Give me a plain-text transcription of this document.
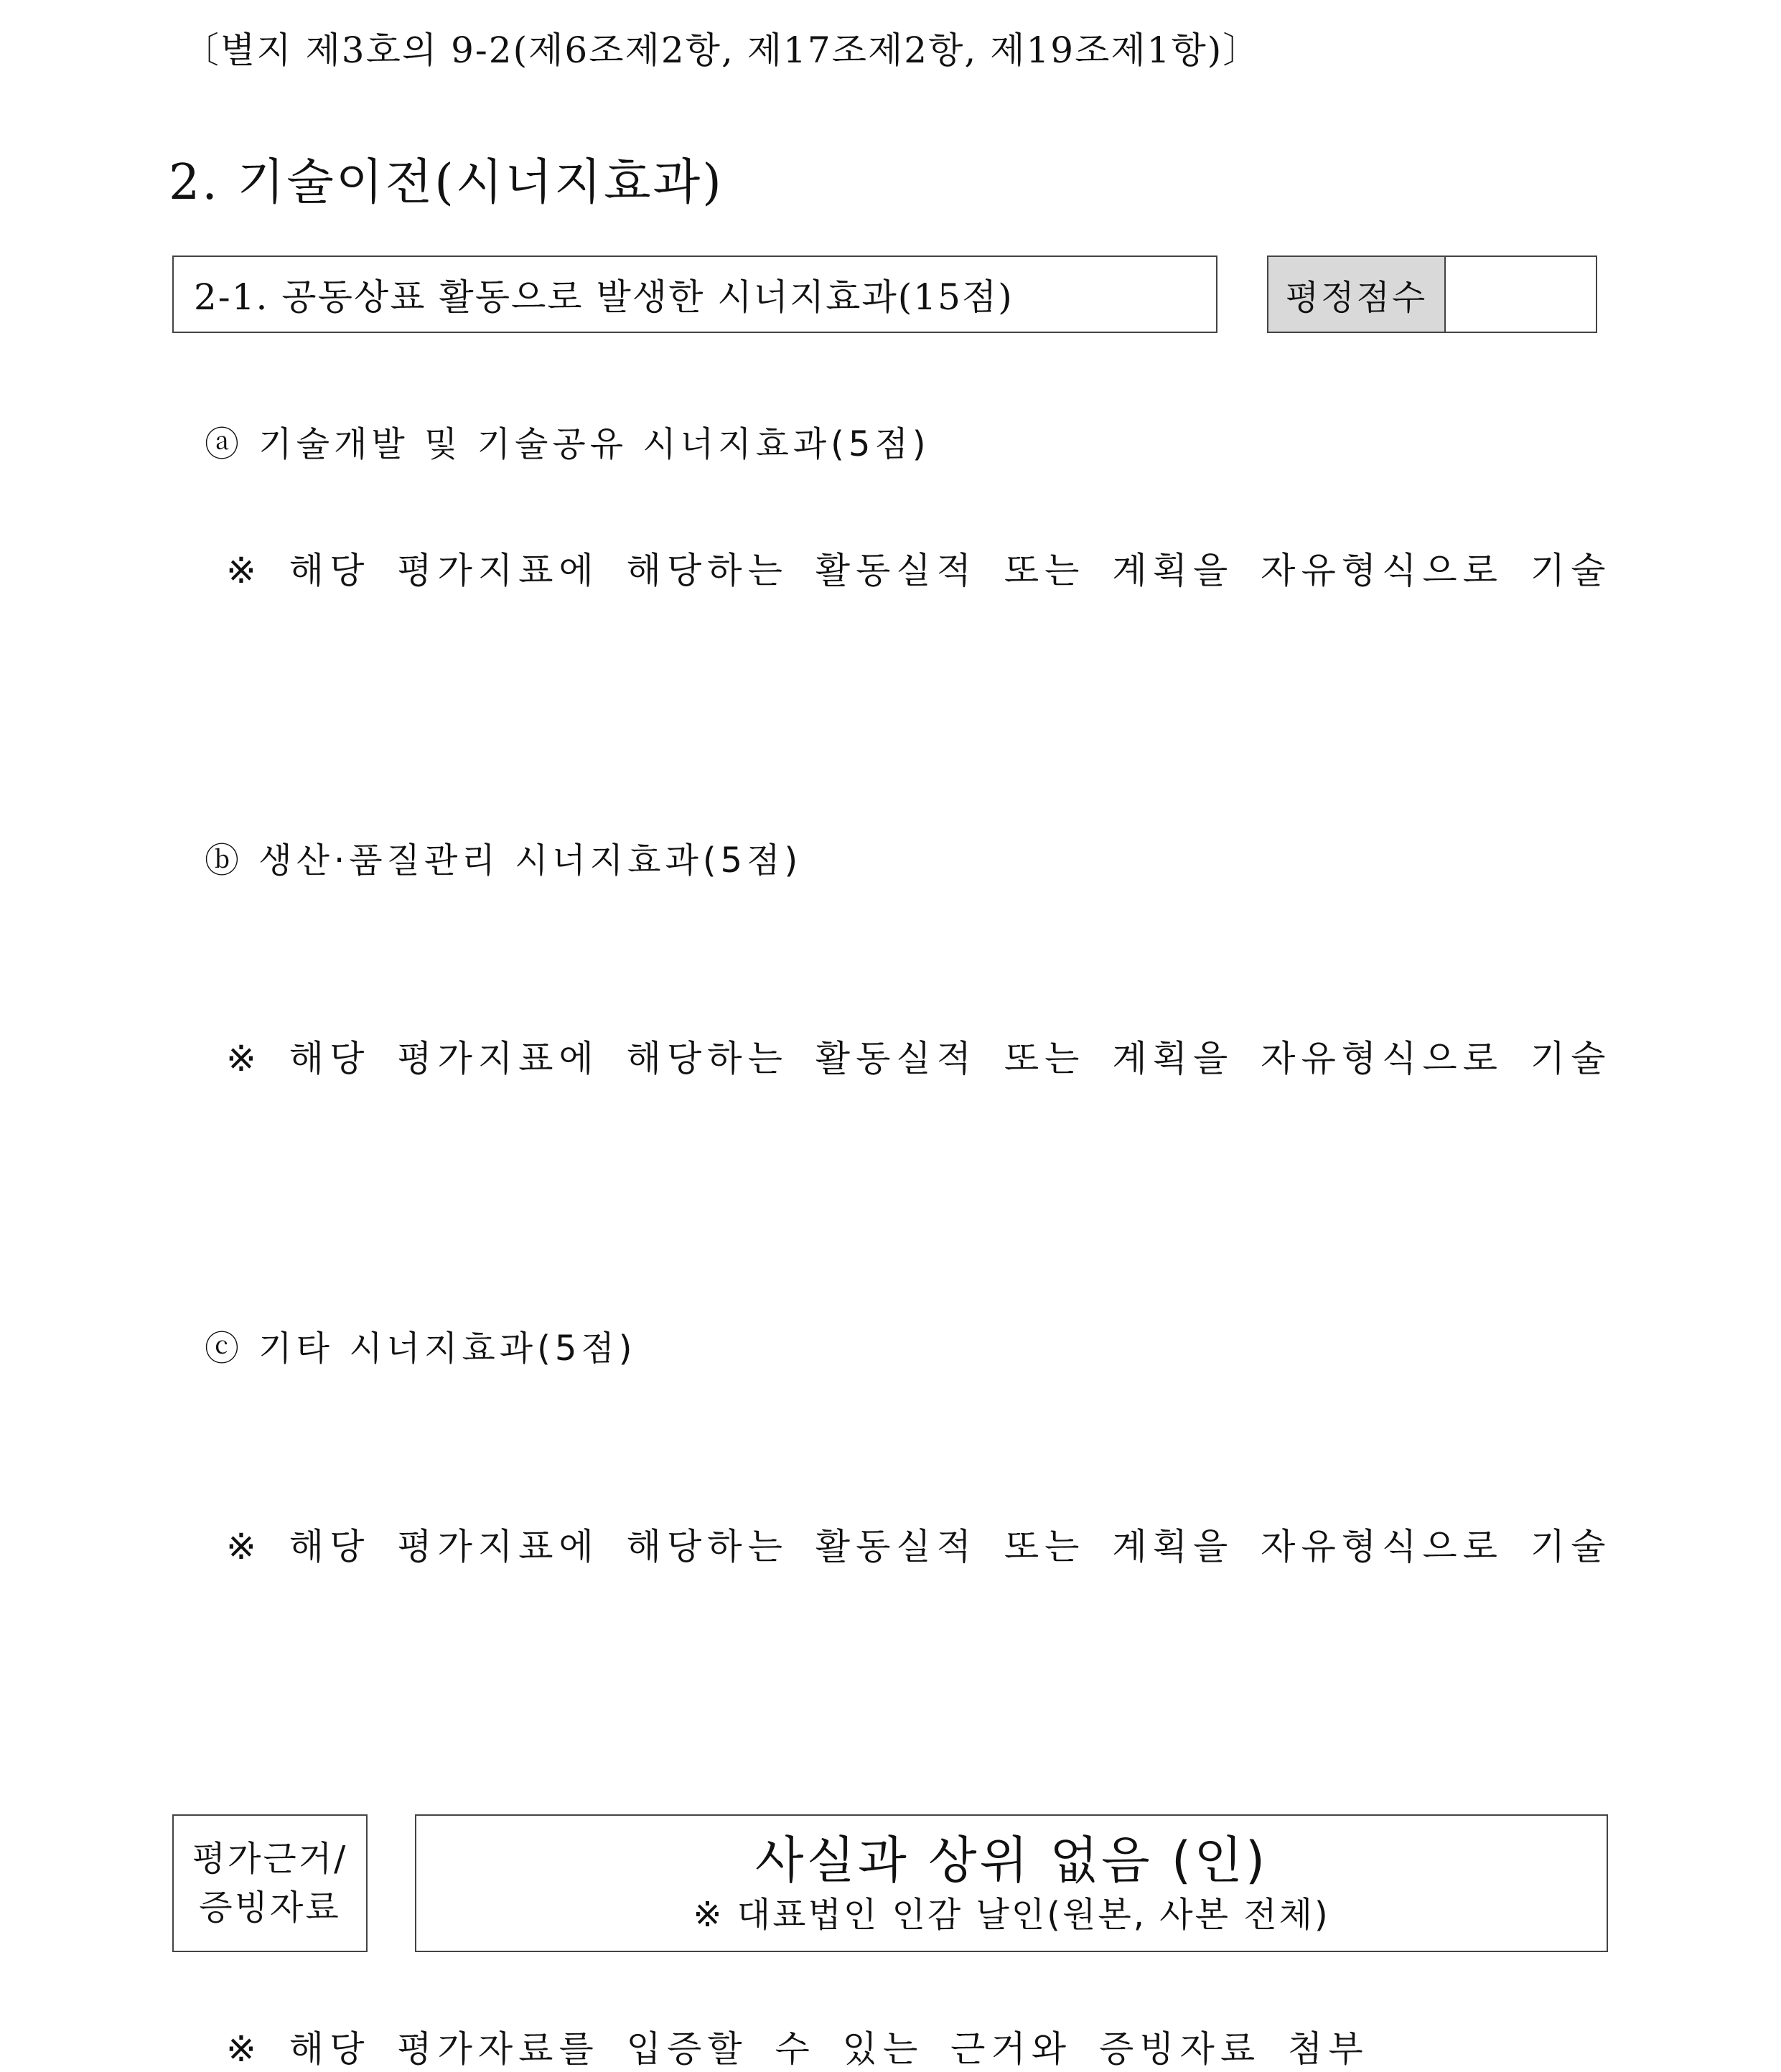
〔별지 제3호의 9-2(제6조제2항, 제17조제2항, 제19조제1항)〕
2. 기술이전(시너지효과)
2-1. 공동상표 활동으로 발생한 시너지효과(15점)	평정점수
ⓐ 기술개발 및 기술공유 시너지효과(5점)
※ 해당 평가지표에 해당하는 활동실적 또는 계획을 자유형식으로 기술
ⓑ 생산·품질관리 시너지효과(5점)
※ 해당 평가지표에 해당하는 활동실적 또는 계획을 자유형식으로 기술
ⓒ 기타 시너지효과(5점)
※ 해당 평가지표에 해당하는 활동실적 또는 계획을 자유형식으로 기술
평가근거/
증빙자료
사실과 상위 없음 (인)
※ 대표법인 인감 날인(원본, 사본 전체)
※ 해당 평가자료를 입증할 수 있는 근거와 증빙자료 첨부
